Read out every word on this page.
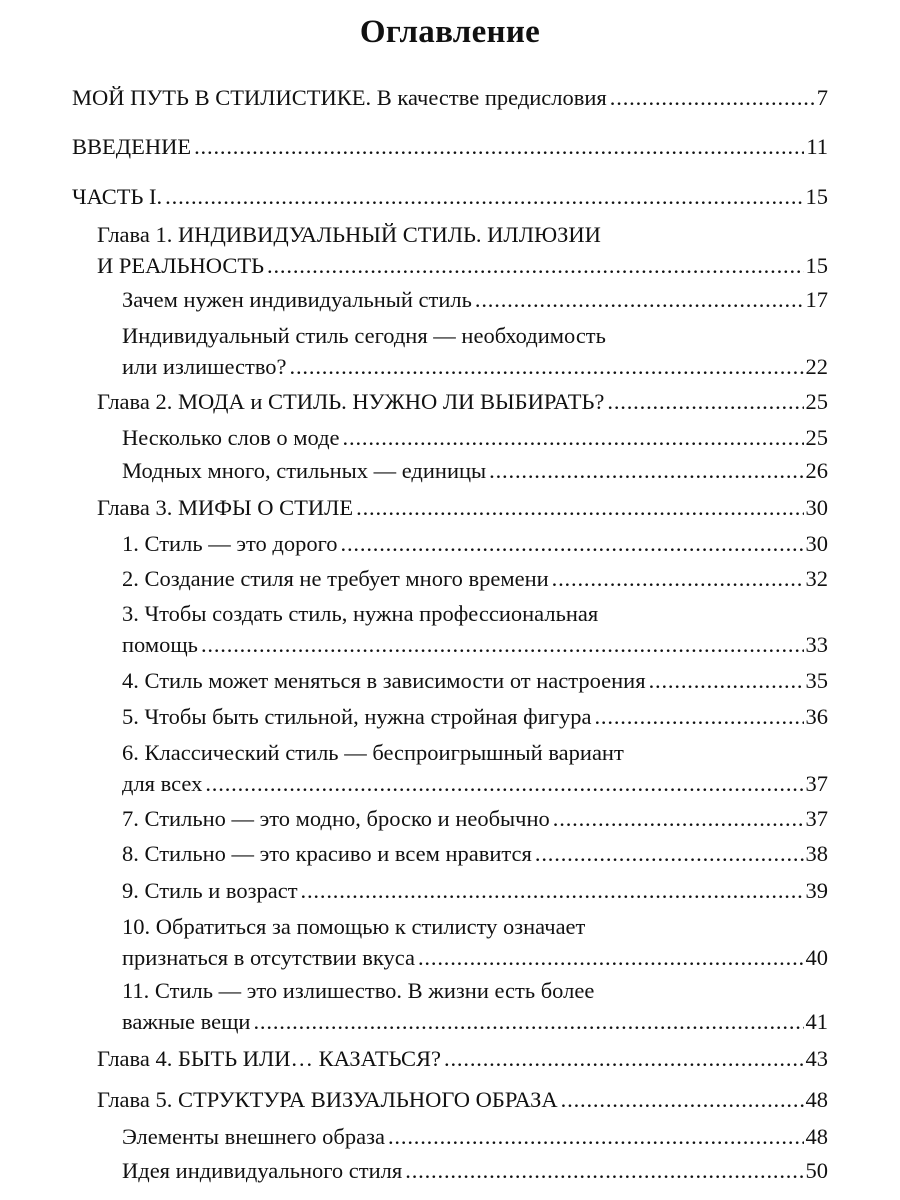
Оглавление
МОЙ ПУТЬ В СТИЛИСТИКЕ. В качестве предисловия . . .	7
ВВЕДЕНИЕ . . .	11
ЧАСТЬ I. . . .	15
Глава 1. ИНДИВИДУАЛЬНЫЙ СТИЛЬ. ИЛЛЮЗИИ
И РЕАЛЬНОСТЬ . . .	15
Зачем нужен индивидуальный стиль . . .	17
Индивидуальный стиль сегодня — необходимость
или излишество? . . .	22
Глава 2. МОДА и СТИЛЬ. НУЖНО ЛИ ВЫБИРАТЬ? . . .	25
Несколько слов о моде . . .	25
Модных много, стильных — единицы . . .	26
Глава 3. МИФЫ О СТИЛЕ . . .	30
1. Стиль — это дорого . . .	30
2. Создание стиля не требует много времени . . .	32
3. Чтобы создать стиль, нужна профессиональная
помощь . . .	33
4. Стиль может меняться в зависимости от настроения . . .	35
5. Чтобы быть стильной, нужна стройная фигура . . .	36
6. Классический стиль — беспроигрышный вариант
для всех . . .	37
7. Стильно — это модно, броско и необычно . . .	37
8. Стильно — это красиво и всем нравится . . .	38
9. Стиль и возраст . . .	39
10. Обратиться за помощью к стилисту означает
признаться в отсутствии вкуса . . .	40
11. Стиль — это излишество. В жизни есть более
важные вещи . . .	41
Глава 4. БЫТЬ ИЛИ… КАЗАТЬСЯ? . . .	43
Глава 5. СТРУКТУРА ВИЗУАЛЬНОГО ОБРАЗА . . .	48
Элементы внешнего образа . . .	48
Идея индивидуального стиля . . .	50
